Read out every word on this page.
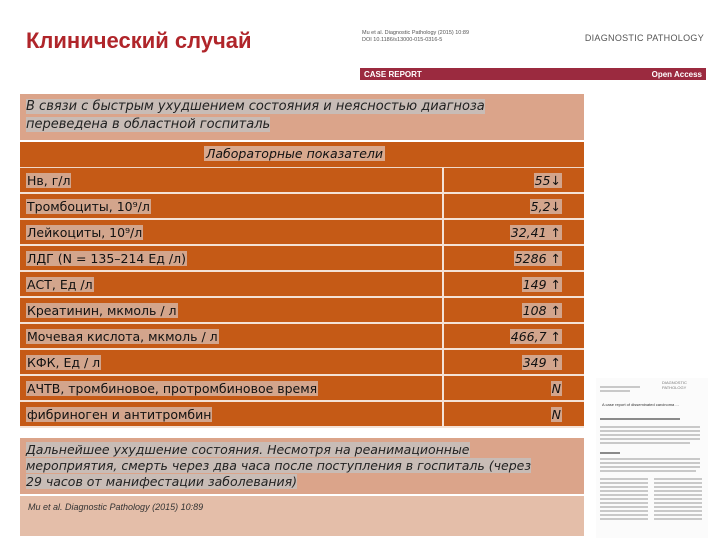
Клинический случай	Mu et al. Diagnostic Pathology (2015) 10:89
DOI 10.1186/s13000-015-0316-5	DIAGNOSTIC PATHOLOGY
CASE REPORT	Open Access
В связи с быстрым ухудшением состояния и неясностью диагноза переведена в областной госпиталь
Лабораторные показатели
Нв, г/л	55↓
Тромбоциты, 10⁹/л	5,2↓
Лейкоциты, 10⁹/л	32,41 ↑
ЛДГ (N = 135–214 Ед /л)	5286 ↑
АСТ, Ед /л	149 ↑
Креатинин, мкмоль / л	108 ↑
Мочевая кислота, мкмоль / л	466,7 ↑
КФК, Ед / л	349 ↑
АЧТВ, тромбиновое, протромбиновое время	N
фибриноген и антитромбин	N
Дальнейшее ухудшение состояния. Несмотря на реанимационные мероприятия, смерть через два часа после поступления в госпиталь (через 29 часов от манифестации заболевания)
Mu et al. Diagnostic Pathology (2015) 10:89
DIAGNOSTIC PATHOLOGY
A case report of disseminated carcinoma ...
